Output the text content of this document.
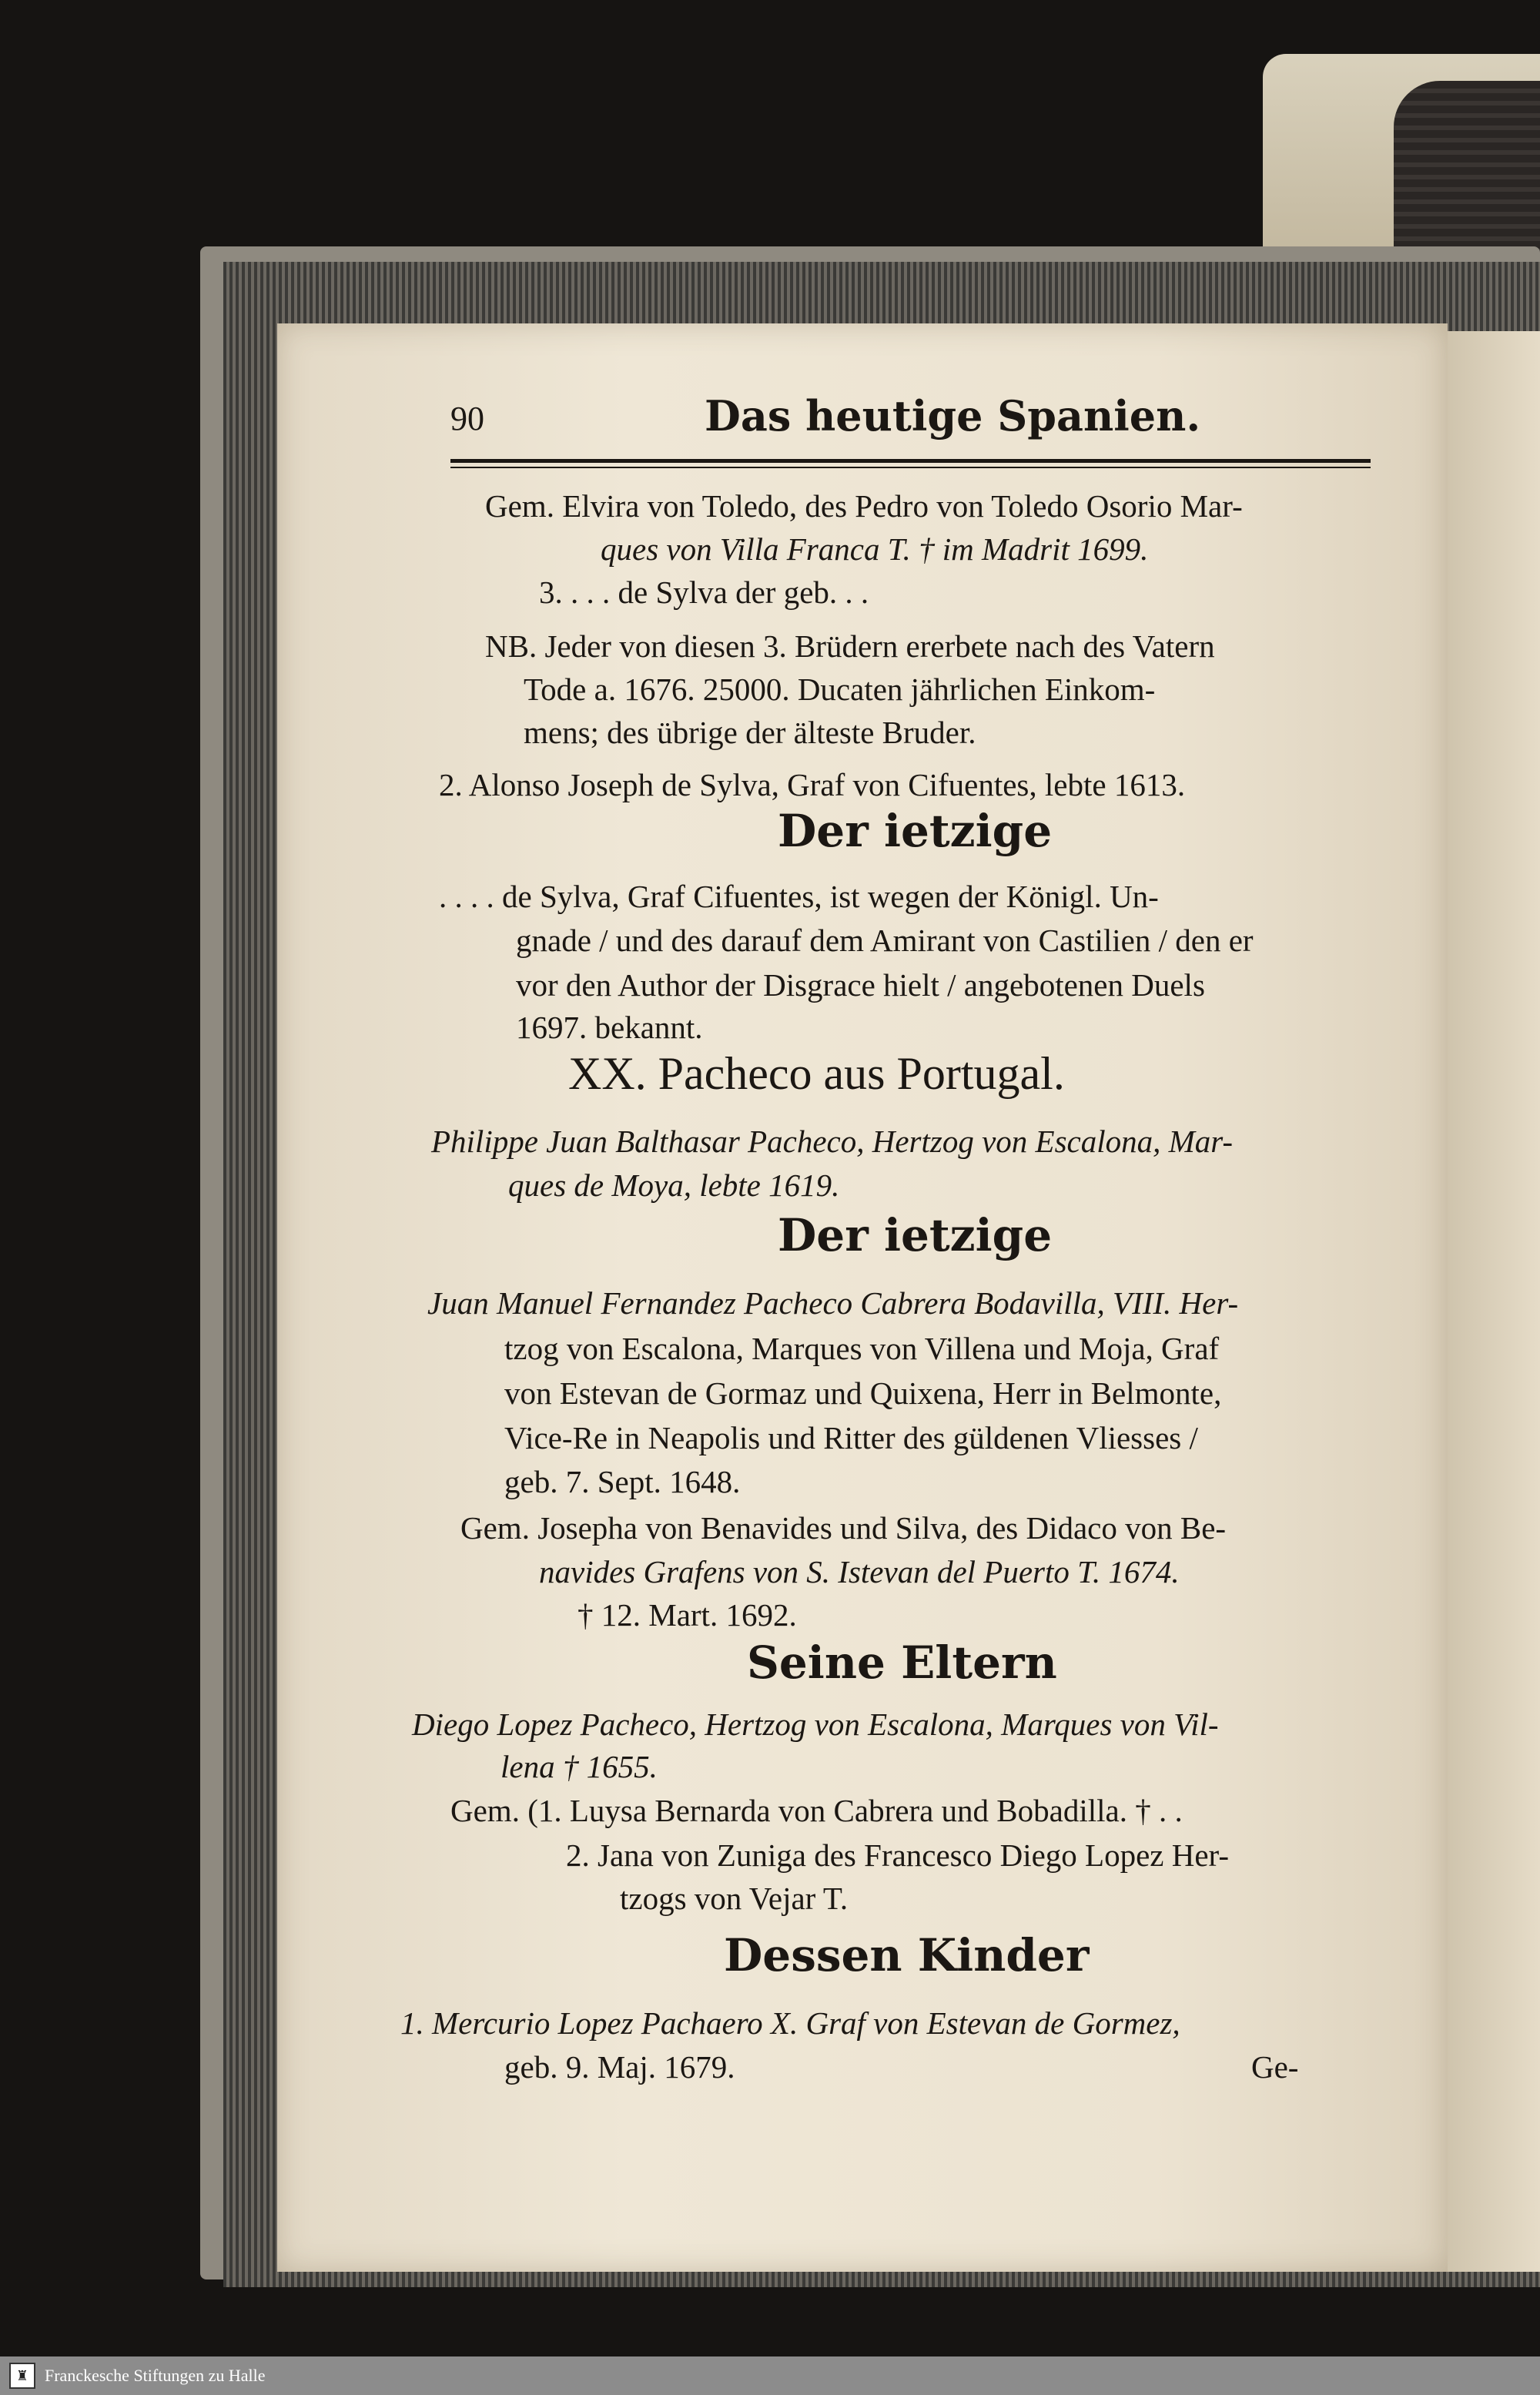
90	Das heutige Spanien.
Gem. Elvira von Toledo, des Pedro von Toledo Osorio Mar-
ques von Villa Franca T. † im Madrit 1699.
3. . . . de Sylva der geb. . .
NB. Jeder von diesen 3. Brüdern ererbete nach des Vatern
Tode a. 1676. 25000. Ducaten jährlichen Einkom-
mens; des übrige der älteste Bruder.
2. Alonso Joseph de Sylva, Graf von Cifuentes, lebte 1613.
Der ietzige
. . . . de Sylva, Graf Cifuentes, ist wegen der Königl. Un-
gnade / und des darauf dem Amirant von Castilien / den er
vor den Author der Disgrace hielt / angebotenen Duels
1697. bekannt.
XX. Pacheco aus Portugal.
Philippe Juan Balthasar Pacheco, Hertzog von Escalona, Mar-
ques de Moya, lebte 1619.
Der ietzige
Juan Manuel Fernandez Pacheco Cabrera Bodavilla, VIII. Her-
tzog von Escalona, Marques von Villena und Moja, Graf
von Estevan de Gormaz und Quixena, Herr in Belmonte,
Vice-Re in Neapolis und Ritter des güldenen Vliesses /
geb. 7. Sept. 1648.
Gem. Josepha von Benavides und Silva, des Didaco von Be-
navides Grafens von S. Istevan del Puerto T. 1674.
† 12. Mart. 1692.
Seine Eltern
Diego Lopez Pacheco, Hertzog von Escalona, Marques von Vil-
lena † 1655.
Gem. (1. Luysa Bernarda von Cabrera und Bobadilla. † . .
2. Jana von Zuniga des Francesco Diego Lopez Her-
tzogs von Vejar T.
Dessen Kinder
1. Mercurio Lopez Pachaero X. Graf von Estevan de Gormez,
geb. 9. Maj. 1679.	Ge-
♜ Franckesche Stiftungen zu Halle
